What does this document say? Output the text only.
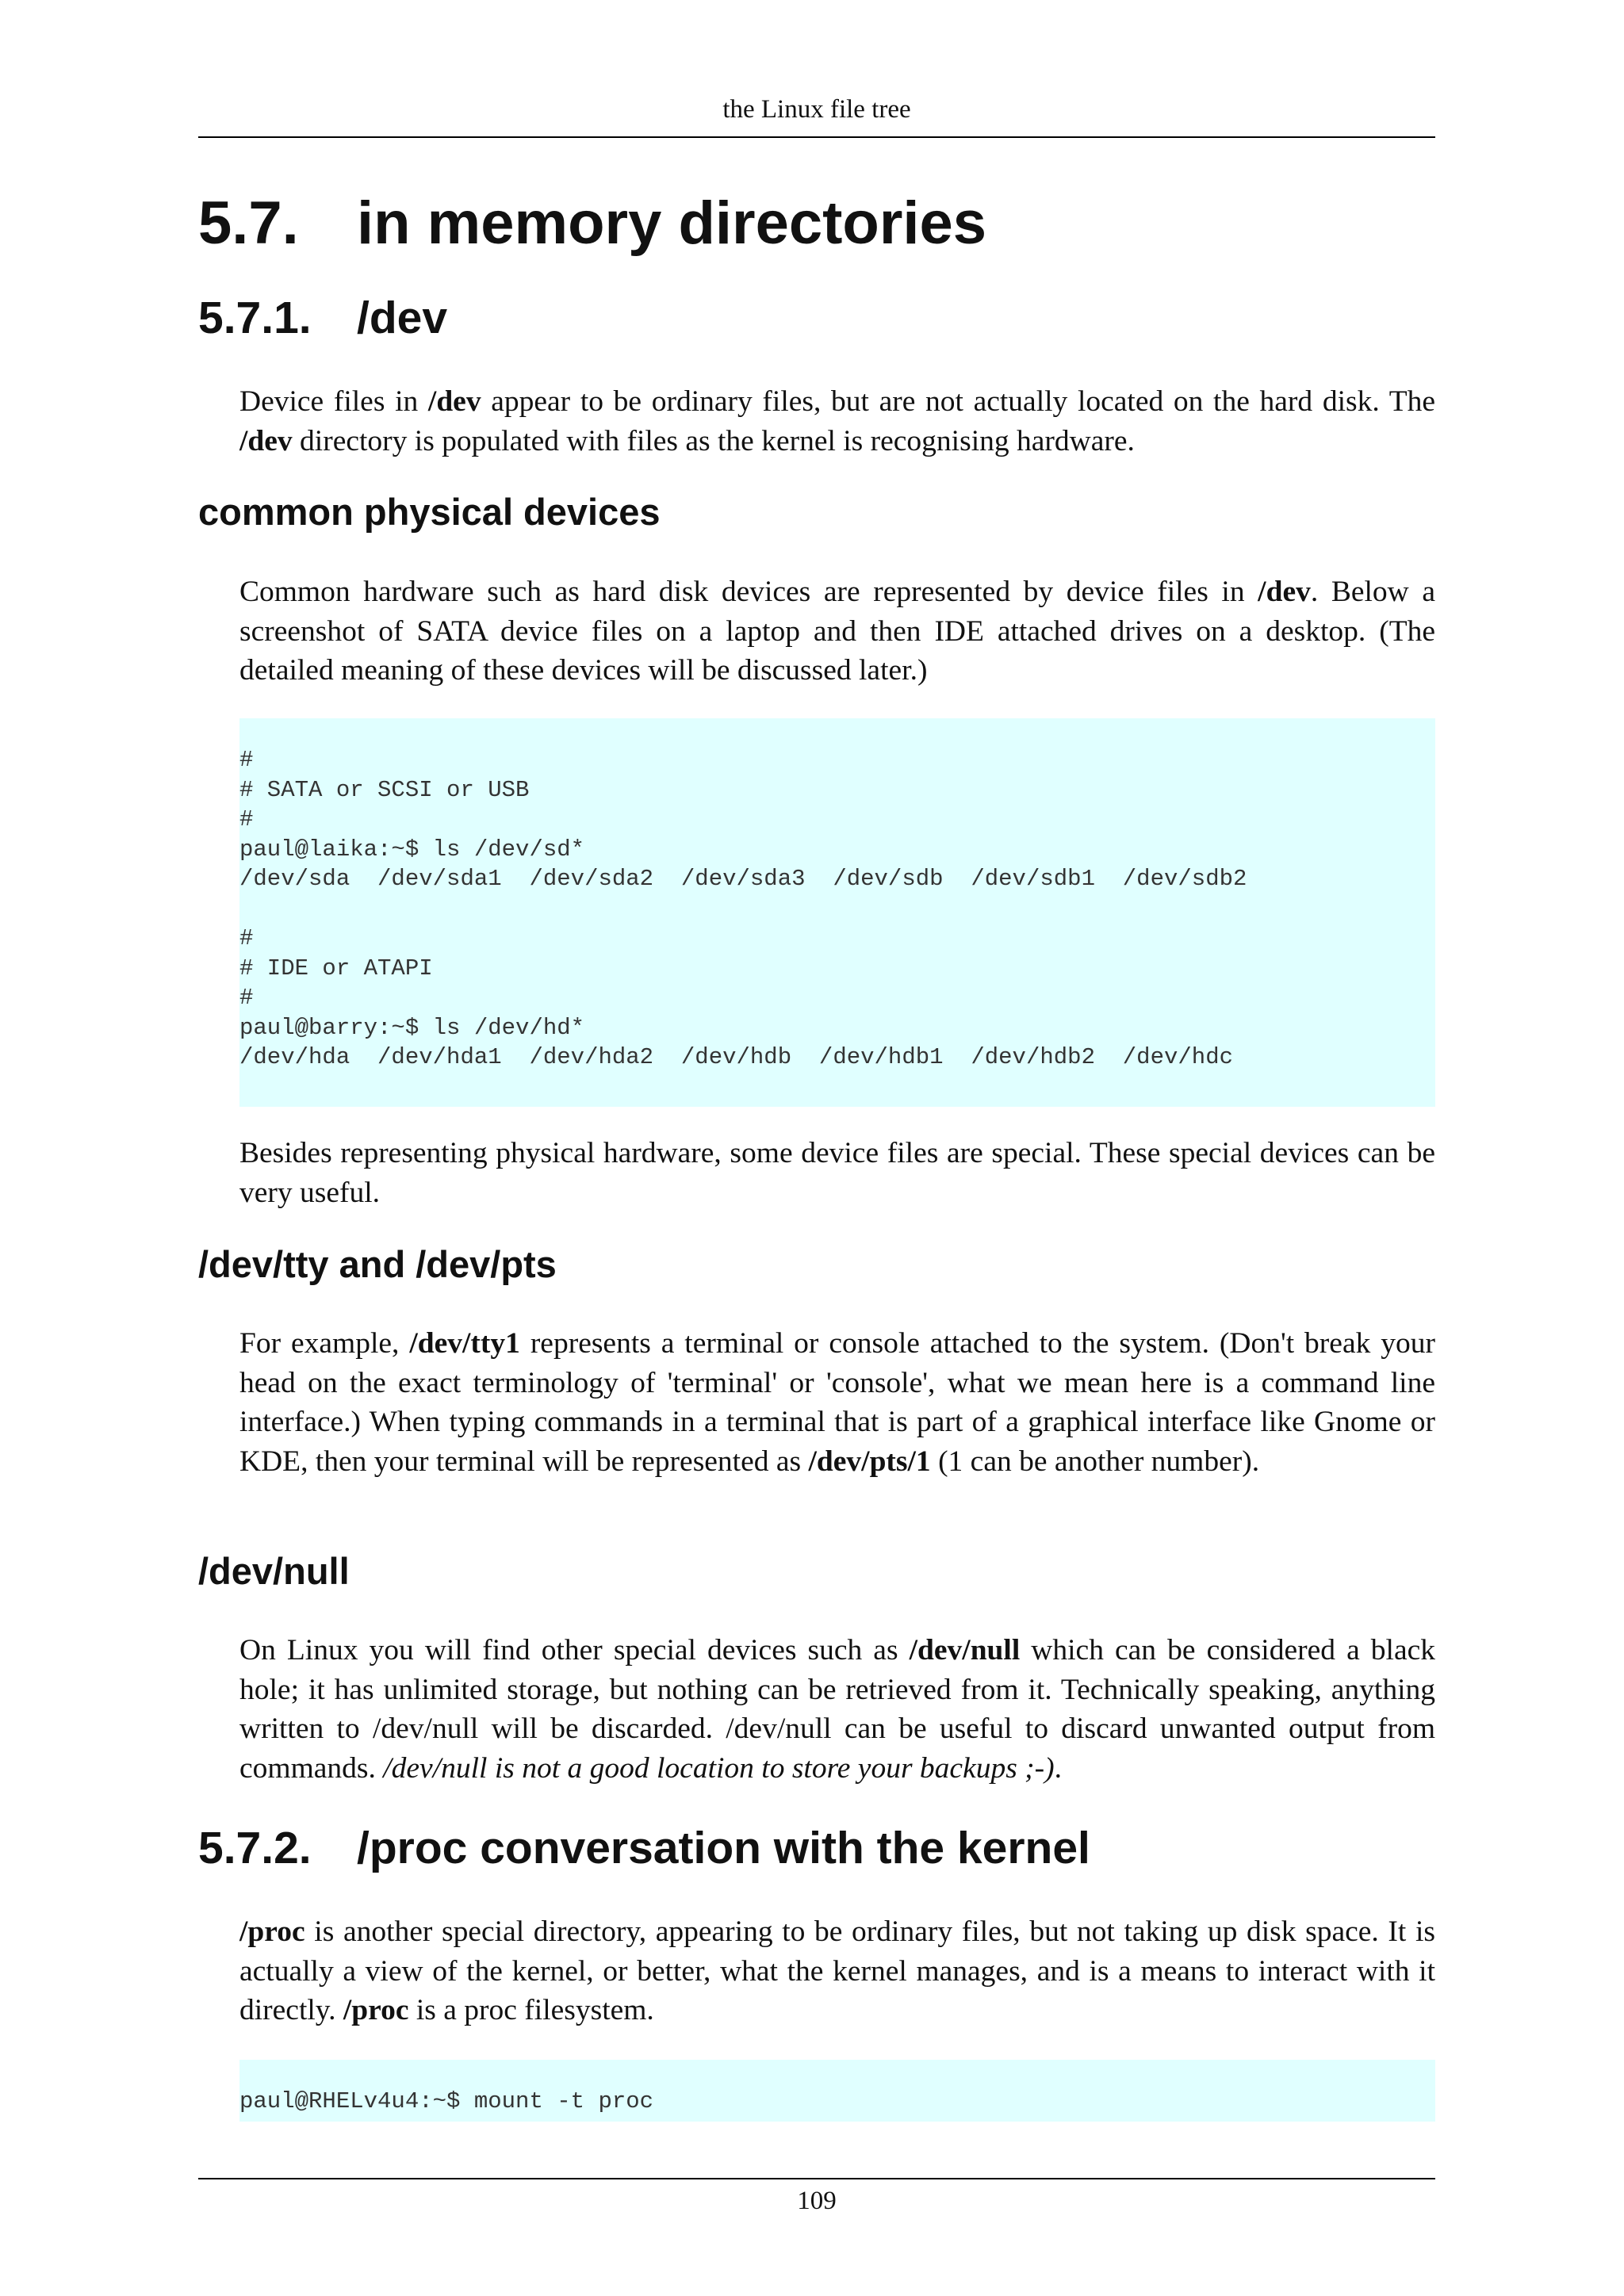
the Linux file tree
5.7. in memory directories
5.7.1. /dev
Device files in /dev appear to be ordinary files, but are not actually located on the hard disk. The /dev directory is populated with files as the kernel is recognising hardware.
common physical devices
Common hardware such as hard disk devices are represented by device files in /dev. Below a screenshot of SATA device files on a laptop and then IDE attached drives on a desktop. (The detailed meaning of these devices will be discussed later.)
#
# SATA or SCSI or USB
#
paul@laika:~$ ls /dev/sd*
/dev/sda  /dev/sda1  /dev/sda2  /dev/sda3  /dev/sdb  /dev/sdb1  /dev/sdb2

#
# IDE or ATAPI
#
paul@barry:~$ ls /dev/hd*
/dev/hda  /dev/hda1  /dev/hda2  /dev/hdb  /dev/hdb1  /dev/hdb2  /dev/hdc
Besides representing physical hardware, some device files are special. These special devices can be very useful.
/dev/tty and /dev/pts
For example, /dev/tty1 represents a terminal or console attached to the system. (Don't break your head on the exact terminology of 'terminal' or 'console', what we mean here is a command line interface.) When typing commands in a terminal that is part of a graphical interface like Gnome or KDE, then your terminal will be represented as /dev/pts/1 (1 can be another number).
/dev/null
On Linux you will find other special devices such as /dev/null which can be considered a black hole; it has unlimited storage, but nothing can be retrieved from it. Technically speaking, anything written to /dev/null will be discarded. /dev/null can be useful to discard unwanted output from commands. /dev/null is not a good location to store your backups ;-).
5.7.2. /proc conversation with the kernel
/proc is another special directory, appearing to be ordinary files, but not taking up disk space. It is actually a view of the kernel, or better, what the kernel manages, and is a means to interact with it directly. /proc is a proc filesystem.
paul@RHELv4u4:~$ mount -t proc
109
